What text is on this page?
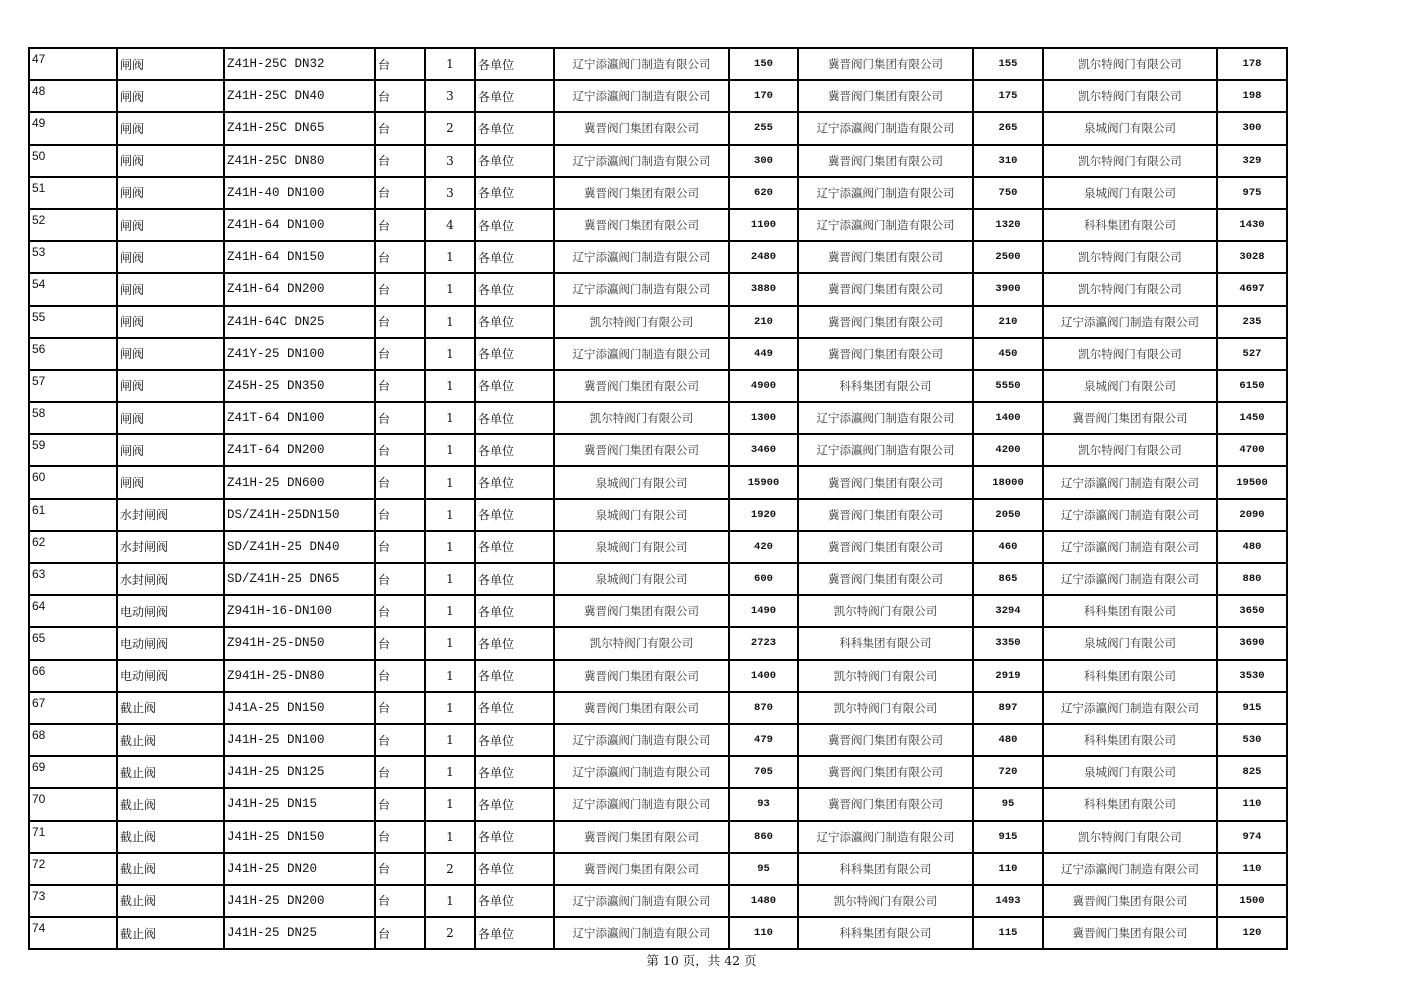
47	闸阀	Z41H-25C DN32	台	1	各单位	辽宁添瀛阀门制造有限公司	150	冀晋阀门集团有限公司	155	凯尔特阀门有限公司	178
48	闸阀	Z41H-25C DN40	台	3	各单位	辽宁添瀛阀门制造有限公司	170	冀晋阀门集团有限公司	175	凯尔特阀门有限公司	198
49	闸阀	Z41H-25C DN65	台	2	各单位	冀晋阀门集团有限公司	255	辽宁添瀛阀门制造有限公司	265	泉城阀门有限公司	300
50	闸阀	Z41H-25C DN80	台	3	各单位	辽宁添瀛阀门制造有限公司	300	冀晋阀门集团有限公司	310	凯尔特阀门有限公司	329
51	闸阀	Z41H-40 DN100	台	3	各单位	冀晋阀门集团有限公司	620	辽宁添瀛阀门制造有限公司	750	泉城阀门有限公司	975
52	闸阀	Z41H-64 DN100	台	4	各单位	冀晋阀门集团有限公司	1100	辽宁添瀛阀门制造有限公司	1320	科科集团有限公司	1430
53	闸阀	Z41H-64 DN150	台	1	各单位	辽宁添瀛阀门制造有限公司	2480	冀晋阀门集团有限公司	2500	凯尔特阀门有限公司	3028
54	闸阀	Z41H-64 DN200	台	1	各单位	辽宁添瀛阀门制造有限公司	3880	冀晋阀门集团有限公司	3900	凯尔特阀门有限公司	4697
55	闸阀	Z41H-64C DN25	台	1	各单位	凯尔特阀门有限公司	210	冀晋阀门集团有限公司	210	辽宁添瀛阀门制造有限公司	235
56	闸阀	Z41Y-25 DN100	台	1	各单位	辽宁添瀛阀门制造有限公司	449	冀晋阀门集团有限公司	450	凯尔特阀门有限公司	527
57	闸阀	Z45H-25 DN350	台	1	各单位	冀晋阀门集团有限公司	4900	科科集团有限公司	5550	泉城阀门有限公司	6150
58	闸阀	Z41T-64 DN100	台	1	各单位	凯尔特阀门有限公司	1300	辽宁添瀛阀门制造有限公司	1400	冀晋阀门集团有限公司	1450
59	闸阀	Z41T-64 DN200	台	1	各单位	冀晋阀门集团有限公司	3460	辽宁添瀛阀门制造有限公司	4200	凯尔特阀门有限公司	4700
60	闸阀	Z41H-25 DN600	台	1	各单位	泉城阀门有限公司	15900	冀晋阀门集团有限公司	18000	辽宁添瀛阀门制造有限公司	19500
61	水封闸阀	DS/Z41H-25DN150	台	1	各单位	泉城阀门有限公司	1920	冀晋阀门集团有限公司	2050	辽宁添瀛阀门制造有限公司	2090
62	水封闸阀	SD/Z41H-25 DN40	台	1	各单位	泉城阀门有限公司	420	冀晋阀门集团有限公司	460	辽宁添瀛阀门制造有限公司	480
63	水封闸阀	SD/Z41H-25 DN65	台	1	各单位	泉城阀门有限公司	600	冀晋阀门集团有限公司	865	辽宁添瀛阀门制造有限公司	880
64	电动闸阀	Z941H-16-DN100	台	1	各单位	冀晋阀门集团有限公司	1490	凯尔特阀门有限公司	3294	科科集团有限公司	3650
65	电动闸阀	Z941H-25-DN50	台	1	各单位	凯尔特阀门有限公司	2723	科科集团有限公司	3350	泉城阀门有限公司	3690
66	电动闸阀	Z941H-25-DN80	台	1	各单位	冀晋阀门集团有限公司	1400	凯尔特阀门有限公司	2919	科科集团有限公司	3530
67	截止阀	J41A-25 DN150	台	1	各单位	冀晋阀门集团有限公司	870	凯尔特阀门有限公司	897	辽宁添瀛阀门制造有限公司	915
68	截止阀	J41H-25 DN100	台	1	各单位	辽宁添瀛阀门制造有限公司	479	冀晋阀门集团有限公司	480	科科集团有限公司	530
69	截止阀	J41H-25 DN125	台	1	各单位	辽宁添瀛阀门制造有限公司	705	冀晋阀门集团有限公司	720	泉城阀门有限公司	825
70	截止阀	J41H-25 DN15	台	1	各单位	辽宁添瀛阀门制造有限公司	93	冀晋阀门集团有限公司	95	科科集团有限公司	110
71	截止阀	J41H-25 DN150	台	1	各单位	冀晋阀门集团有限公司	860	辽宁添瀛阀门制造有限公司	915	凯尔特阀门有限公司	974
72	截止阀	J41H-25 DN20	台	2	各单位	冀晋阀门集团有限公司	95	科科集团有限公司	110	辽宁添瀛阀门制造有限公司	110
73	截止阀	J41H-25 DN200	台	1	各单位	辽宁添瀛阀门制造有限公司	1480	凯尔特阀门有限公司	1493	冀晋阀门集团有限公司	1500
74	截止阀	J41H-25 DN25	台	2	各单位	辽宁添瀛阀门制造有限公司	110	科科集团有限公司	115	冀晋阀门集团有限公司	120
第 10 页，共 42 页
